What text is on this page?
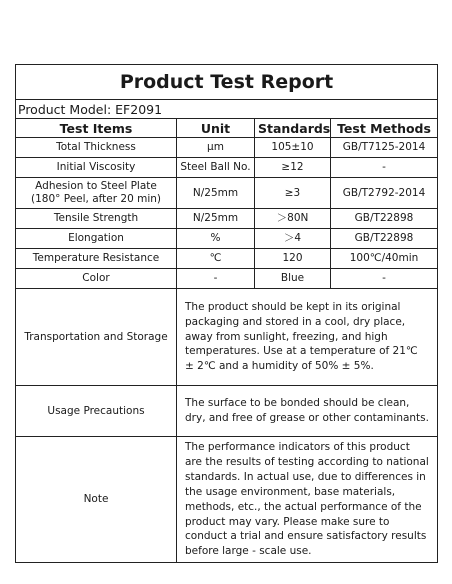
Product Test Report			
Product Model: EF2091			
Test Items	Unit	Standards	Test Methods
Total Thickness	μm	105±10	GB/T7125-2014
Initial Viscosity	Steel Ball No.	≥12	-

Adhesion to Steel Plate
(180° Peel, after 20 min)	N/25mm	≥3	GB/T2792-2014
Tensile Strength	N/25mm	＞80N	GB/T22898
Elongation	%	＞4	GB/T22898
Temperature Resistance	℃	120	100℃/40min
Color	-	Blue	-
Transportation and Storage	The product should be kept in its original packaging and stored in a cool, dry place, away from sunlight, freezing, and high temperatures. Use at a temperature of 21℃ ± 2℃ and a humidity of 50% ± 5%.		
Usage Precautions	The surface to be bonded should be clean, dry, and free of grease or other contaminants.		
Note	The performance indicators of this product are the results of testing according to national standards. In actual use, due to differences in the usage environment, base materials, methods, etc., the actual performance of the product may vary. Please make sure to conduct a trial and ensure satisfactory results before large - scale use.		
